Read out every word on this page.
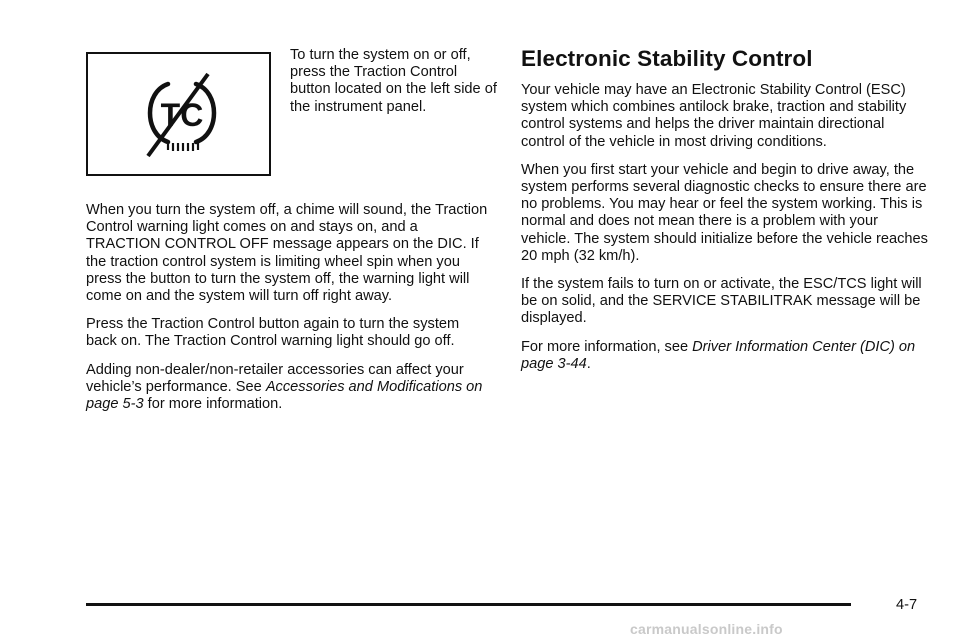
TC

To turn the system on or off, press the Traction Control button located on the left side of the instrument panel.

When you turn the system off, a chime will sound, the Traction Control warning light comes on and stays on, and a TRACTION CONTROL OFF message appears on the DIC. If the traction control system is limiting wheel spin when you press the button to turn the system off, the warning light will come on and the system will turn off right away.

Press the Traction Control button again to turn the system back on. The Traction Control warning light should go off.

Adding non-dealer/non-retailer accessories can affect your vehicle’s performance. See Accessories and Modifications on page 5-3 for more information.

Electronic Stability Control

Your vehicle may have an Electronic Stability Control (ESC) system which combines antilock brake, traction and stability control systems and helps the driver maintain directional control of the vehicle in most driving conditions.

When you first start your vehicle and begin to drive away, the system performs several diagnostic checks to ensure there are no problems. You may hear or feel the system working. This is normal and does not mean there is a problem with your vehicle. The system should initialize before the vehicle reaches 20 mph (32 km/h).

If the system fails to turn on or activate, the ESC/TCS light will be on solid, and the SERVICE STABILITRAK message will be displayed.

For more information, see Driver Information Center (DIC) on page 3-44.

4-7
carmanualsonline.info
